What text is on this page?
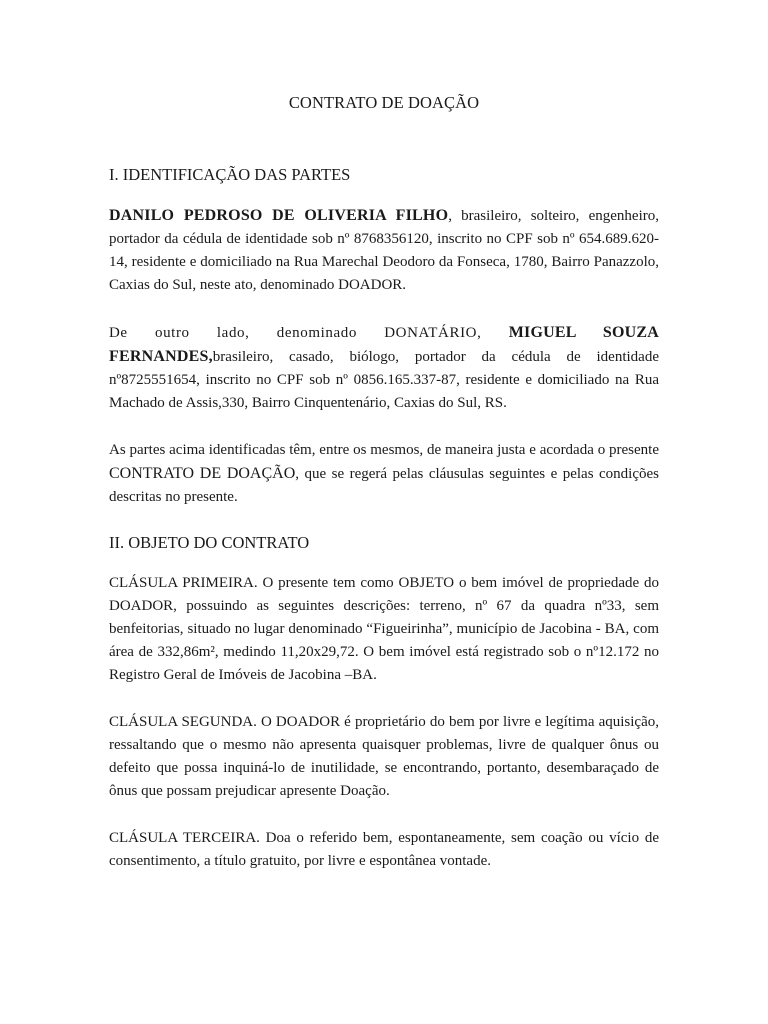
CONTRATO DE DOAÇÃO
I. IDENTIFICAÇÃO DAS PARTES

DANILO PEDROSO DE OLIVERIA FILHO, brasileiro, solteiro, engenheiro, portador da cédula de identidade sob nº 8768356120, inscrito no CPF sob nº 654.689.620-14, residente e domiciliado na Rua Marechal Deodoro da Fonseca, 1780, Bairro Panazzolo, Caxias do Sul, neste ato, denominado DOADOR.

De outro lado, denominado DONATÁRIO, MIGUEL SOUZA FERNANDES,brasileiro, casado, biólogo, portador da cédula de identidade nº8725551654, inscrito no CPF sob nº 0856.165.337-87, residente e domiciliado na Rua Machado de Assis,330, Bairro Cinquentenário, Caxias do Sul, RS.

As partes acima identificadas têm, entre os mesmos, de maneira justa e acordada o presente CONTRATO DE DOAÇÃO, que se regerá pelas cláusulas seguintes e pelas condições descritas no presente.

II. OBJETO DO CONTRATO

CLÁSULA PRIMEIRA. O presente tem como OBJETO o bem imóvel de propriedade do DOADOR, possuindo as seguintes descrições: terreno, nº 67 da quadra nº33, sem benfeitorias, situado no lugar denominado “Figueirinha”, município de Jacobina - BA, com área de 332,86m², medindo 11,20x29,72. O bem imóvel está registrado sob o nº12.172 no Registro Geral de Imóveis de Jacobina –BA.

CLÁSULA SEGUNDA. O DOADOR é proprietário do bem por livre e legítima aquisição, ressaltando que o mesmo não apresenta quaisquer problemas, livre de qualquer ônus ou defeito que possa inquiná-lo de inutilidade, se encontrando, portanto, desembaraçado de ônus que possam prejudicar apresente Doação.

CLÁSULA TERCEIRA. Doa o referido bem, espontaneamente, sem coação ou vício de consentimento, a título gratuito, por livre e espontânea vontade.
